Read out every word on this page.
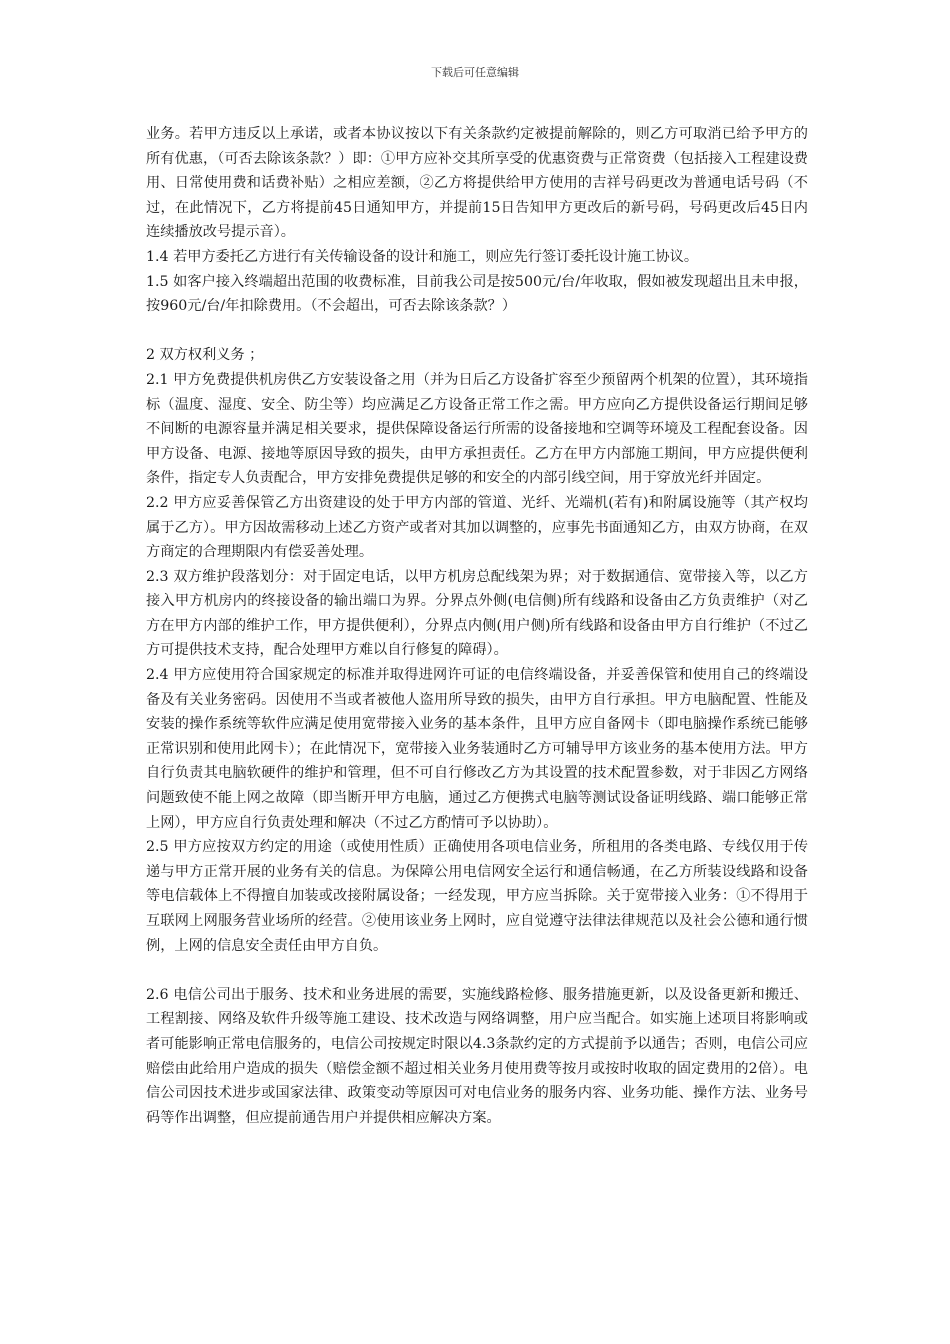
下载后可任意编辑

业务。若甲方违反以上承诺，或者本协议按以下有关条款约定被提前解除的，则乙方可取消已给予甲方的所有优惠，（可否去除该条款？）即：①甲方应补交其所享受的优惠资费与正常资费（包括接入工程建设费用、日常使用费和话费补贴）之相应差额，②乙方将提供给甲方使用的吉祥号码更改为普通电话号码（不过，在此情况下，乙方将提前45日通知甲方，并提前15日告知甲方更改后的新号码，号码更改后45日内连续播放改号提示音）。

1.4 若甲方委托乙方进行有关传输设备的设计和施工，则应先行签订委托设计施工协议。

1.5 如客户接入终端超出范围的收费标准，目前我公司是按500元/台/年收取，假如被发现超出且未申报，按960元/台/年扣除费用。（不会超出，可否去除该条款？）

2 双方权利义务 ；

2.1 甲方免费提供机房供乙方安装设备之用（并为日后乙方设备扩容至少预留两个机架的位置），其环境指标（温度、湿度、安全、防尘等）均应满足乙方设备正常工作之需。甲方应向乙方提供设备运行期间足够不间断的电源容量并满足相关要求，提供保障设备运行所需的设备接地和空调等环境及工程配套设备。因甲方设备、电源、接地等原因导致的损失，由甲方承担责任。乙方在甲方内部施工期间，甲方应提供便利条件，指定专人负责配合，甲方安排免费提供足够的和安全的内部引线空间，用于穿放光纤并固定。

2.2 甲方应妥善保管乙方出资建设的处于甲方内部的管道、光纤、光端机(若有)和附属设施等（其产权均属于乙方）。甲方因故需移动上述乙方资产或者对其加以调整的，应事先书面通知乙方，由双方协商，在双方商定的合理期限内有偿妥善处理。

2.3 双方维护段落划分：对于固定电话，以甲方机房总配线架为界；对于数据通信、宽带接入等，以乙方接入甲方机房内的终接设备的输出端口为界。分界点外侧(电信侧)所有线路和设备由乙方负责维护（对乙方在甲方内部的维护工作，甲方提供便利），分界点内侧(用户侧)所有线路和设备由甲方自行维护（不过乙方可提供技术支持，配合处理甲方难以自行修复的障碍）。

2.4 甲方应使用符合国家规定的标准并取得进网许可证的电信终端设备，并妥善保管和使用自己的终端设备及有关业务密码。因使用不当或者被他人盗用所导致的损失，由甲方自行承担。甲方电脑配置、性能及安装的操作系统等软件应满足使用宽带接入业务的基本条件，且甲方应自备网卡（即电脑操作系统已能够正常识别和使用此网卡）；在此情况下，宽带接入业务装通时乙方可辅导甲方该业务的基本使用方法。甲方自行负责其电脑软硬件的维护和管理，但不可自行修改乙方为其设置的技术配置参数，对于非因乙方网络问题致使不能上网之故障（即当断开甲方电脑，通过乙方便携式电脑等测试设备证明线路、端口能够正常上网），甲方应自行负责处理和解决（不过乙方酌情可予以协助）。

2.5 甲方应按双方约定的用途（或使用性质）正确使用各项电信业务，所租用的各类电路、专线仅用于传递与甲方正常开展的业务有关的信息。为保障公用电信网安全运行和通信畅通，在乙方所装设线路和设备等电信载体上不得擅自加装或改接附属设备；一经发现，甲方应当拆除。关于宽带接入业务：①不得用于互联网上网服务营业场所的经营。②使用该业务上网时，应自觉遵守法律法律规范以及社会公德和通行惯例，上网的信息安全责任由甲方自负。

2.6 电信公司出于服务、技术和业务进展的需要，实施线路检修、服务措施更新，以及设备更新和搬迁、工程割接、网络及软件升级等施工建设、技术改造与网络调整，用户应当配合。如实施上述项目将影响或者可能影响正常电信服务的，电信公司按规定时限以4.3条款约定的方式提前予以通告；否则，电信公司应赔偿由此给用户造成的损失（赔偿金额不超过相关业务月使用费等按月或按时收取的固定费用的2倍）。电信公司因技术进步或国家法律、政策变动等原因可对电信业务的服务内容、业务功能、操作方法、业务号码等作出调整，但应提前通告用户并提供相应解决方案。
